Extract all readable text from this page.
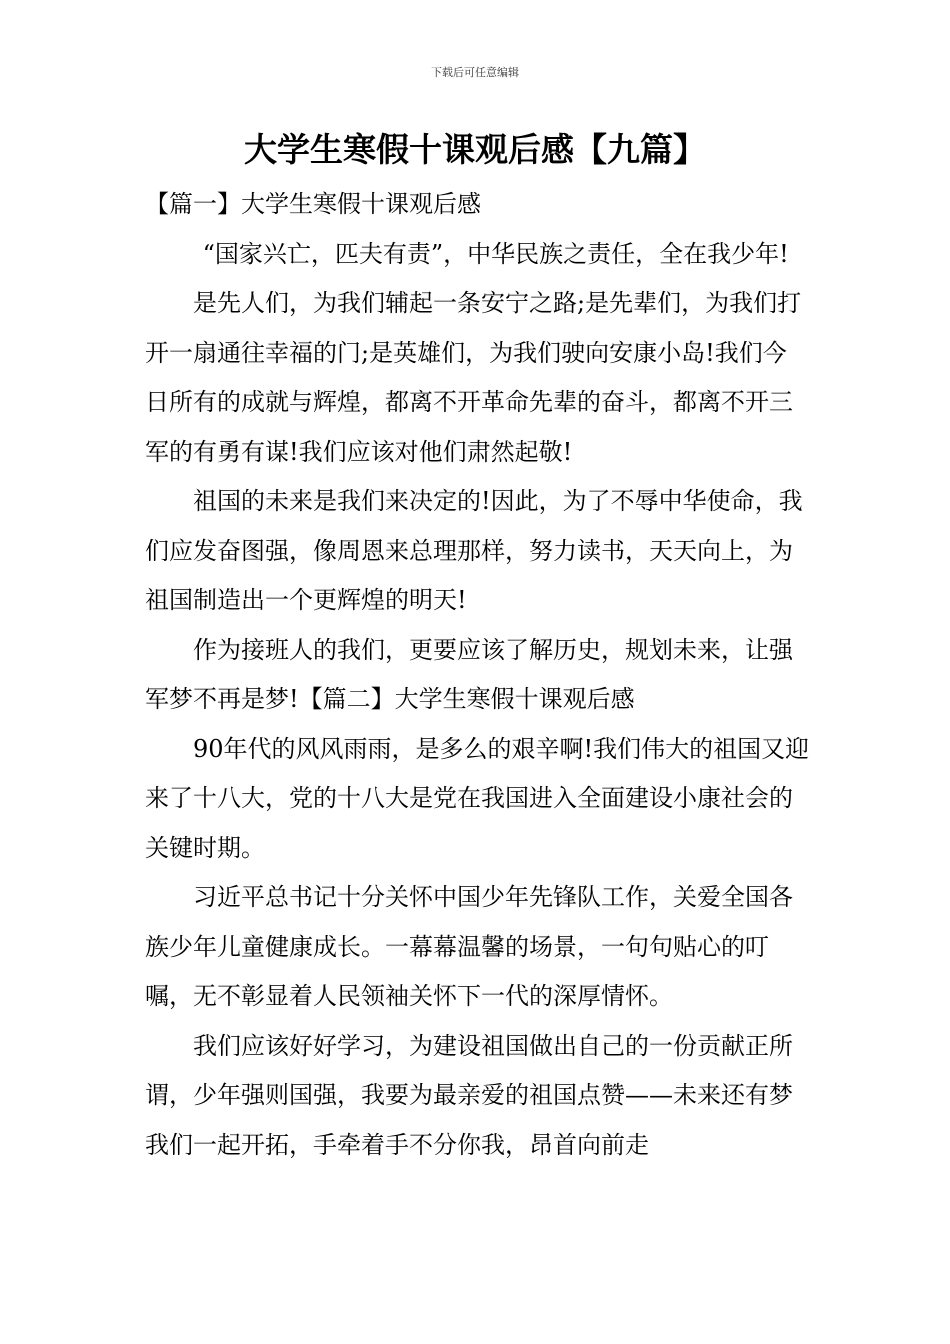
下载后可任意编辑
大学生寒假十课观后感【九篇】

【篇一】大学生寒假十课观后感

“国家兴亡，匹夫有责”，中华民族之责任，全在我少年!

是先人们，为我们辅起一条安宁之路;是先辈们，为我们打开一扇通往幸福的门;是英雄们，为我们驶向安康小岛!我们今日所有的成就与辉煌，都离不开革命先辈的奋斗，都离不开三军的有勇有谋!我们应该对他们肃然起敬!

祖国的未来是我们来决定的!因此，为了不辱中华使命，我们应发奋图强，像周恩来总理那样，努力读书，天天向上，为祖国制造出一个更辉煌的明天!

作为接班人的我们，更要应该了解历史，规划未来，让强军梦不再是梦!【篇二】大学生寒假十课观后感

90年代的风风雨雨，是多么的艰辛啊!我们伟大的祖国又迎来了十八大，党的十八大是党在我国进入全面建设小康社会的关键时期。

习近平总书记十分关怀中国少年先锋队工作，关爱全国各族少年儿童健康成长。一幕幕温馨的场景，一句句贴心的叮嘱，无不彰显着人民领袖关怀下一代的深厚情怀。

我们应该好好学习，为建设祖国做出自己的一份贡献正所谓，少年强则国强，我要为最亲爱的祖国点赞——未来还有梦我们一起开拓，手牵着手不分你我，昂首向前走
